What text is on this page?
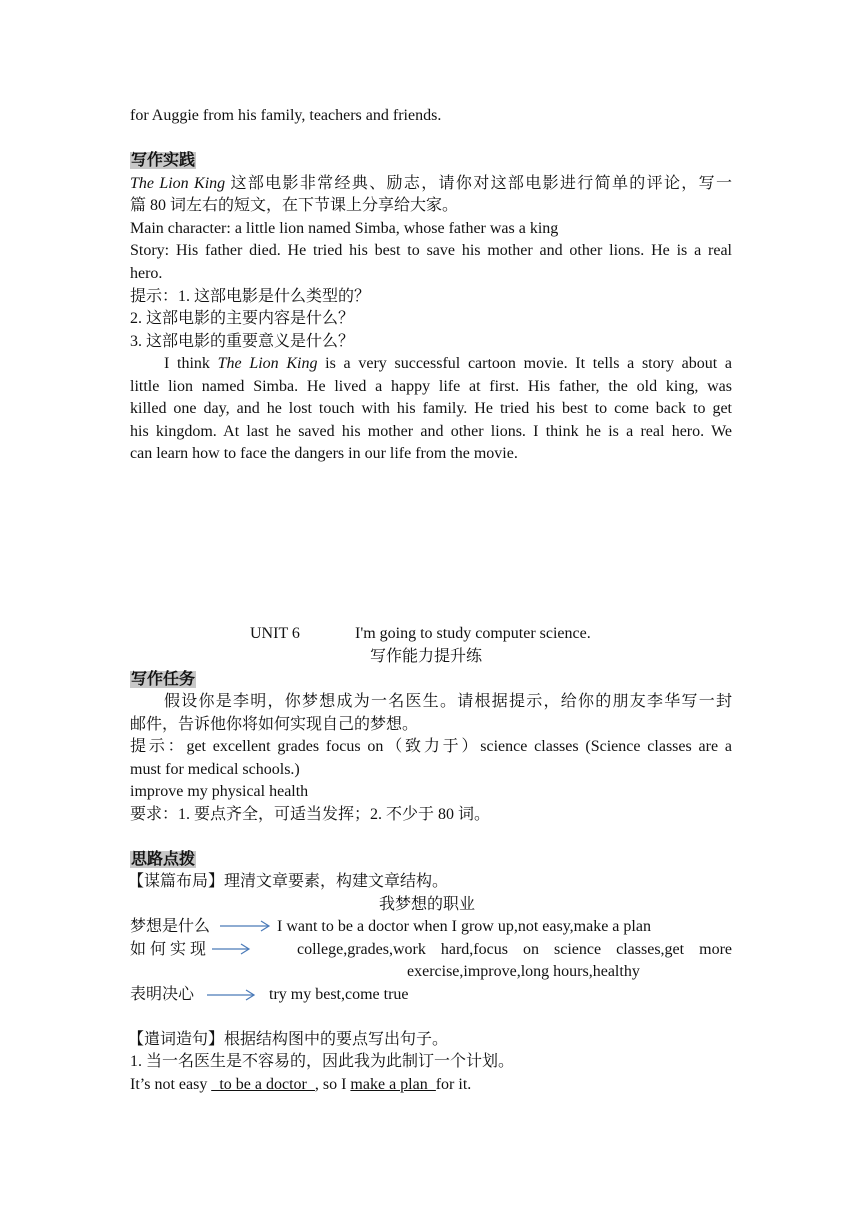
for Auggie from his family, teachers and friends.
写作实践
The Lion King 这部电影非常经典、励志，请你对这部电影进行简单的评论，写一
篇 80 词左右的短文，在下节课上分享给大家。
Main character: a little lion named Simba, whose father was a king
Story: His father died. He tried his best to save his mother and other lions. He is a real
hero.
提示：1. 这部电影是什么类型的？
2. 这部电影的主要内容是什么？
3. 这部电影的重要意义是什么？
I think The Lion King is a very successful cartoon movie. It tells a story about a
little lion named Simba. He lived a happy life at first. His father, the old king, was
killed one day, and he lost touch with his family. He tried his best to come back to get
his kingdom. At last he saved his mother and other lions. I think he is a real hero. We
can learn how to face the dangers in our life from the movie.
UNIT 6	I'm going to study computer science.
写作能力提升练
写作任务
假设你是李明，你梦想成为一名医生。请根据提示，给你的朋友李华写一封
邮件，告诉他你将如何实现自己的梦想。
提示：get excellent grades focus on（致力于）science classes (Science classes are a
must for medical schools.)
improve my physical health
要求：1. 要点齐全，可适当发挥；2. 不少于 80 词。
思路点拨
【谋篇布局】理清文章要素，构建文章结构。
我梦想的职业
梦想是什么	I want to be a doctor when I grow up,not easy,make a plan
如 何 实 现	college,grades,work hard,focus on science classes,get more
exercise,improve,long hours,healthy
表明决心	try my best,come true
【遣词造句】根据结构图中的要点写出句子。
1. 当一名医生是不容易的，因此我为此制订一个计划。
It’s not easy _to be a doctor_, so I make a plan_for it.
